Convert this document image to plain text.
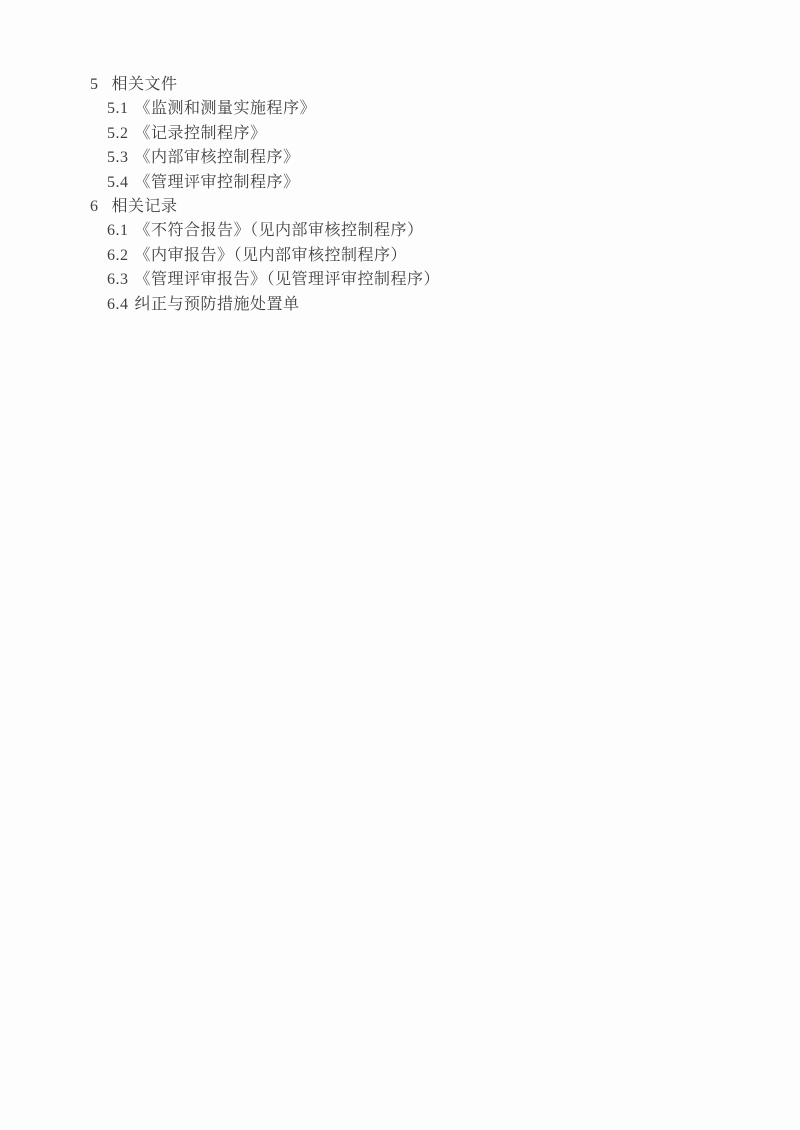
5 相关文件
5.1 《监测和测量实施程序》
5.2 《记录控制程序》
5.3 《内部审核控制程序》
5.4 《管理评审控制程序》
6 相关记录
6.1 《不符合报告》（见内部审核控制程序）
6.2 《内审报告》（见内部审核控制程序）
6.3 《管理评审报告》（见管理评审控制程序）
6.4 纠正与预防措施处置单
